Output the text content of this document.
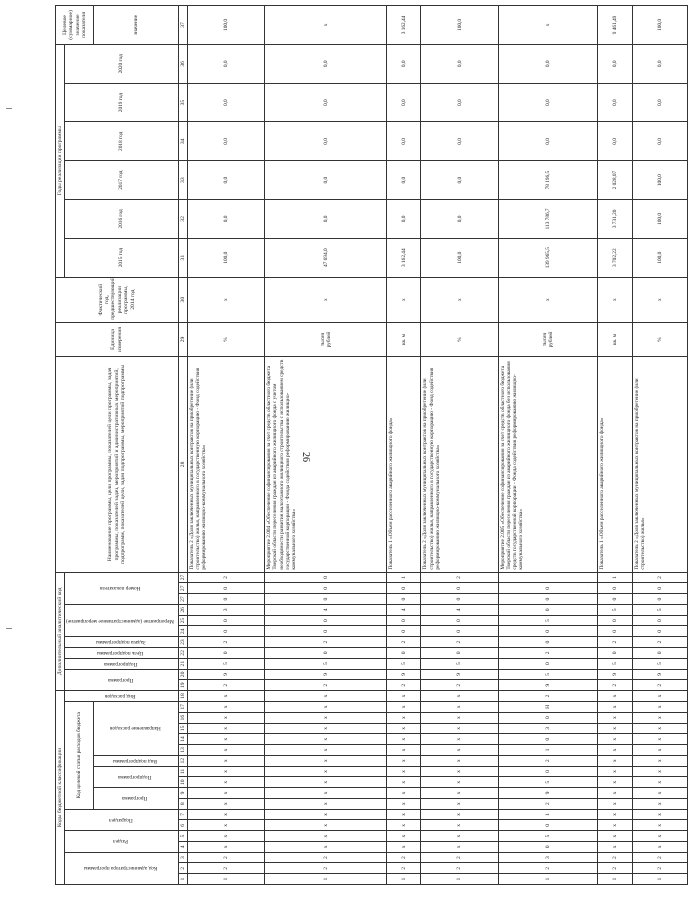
26
Коды бюджетной классификации																		Дополнительный аналитический код											Наименование программы, цели программы, показателей цели программы, задач программы, показателей задач, мероприятий и административных мероприятий, подпрограмм, показателей цели, задач подпрограммы, мероприятий подпрограммы	Единица измерения	Фактический год, предшествующий реализации программы, 2014 год	Годы реализации программы						Целевое (суммарное) значение показателя
Код администратора программы			Раздел		Подраздел		Код целевой статьи расходов бюджета										Вид расходов	Программа		Подпрограмма	Цель подпрограммы	Задача подпрограммы	Мероприятие (административное мероприятие)			Номер показателя						2015 год	2016 год	2017 год	2018 год	2019 год	2020 год	
							Программа		Подпрограмма		Вид подпрограммы	Направление расходов																										значение
1	2	3	4	5	6	7	8	9	10	11	12	13	14	15	16	17	18	19	20	21	22	23	24	25	26	27	27	27	28	29	30	31	32	33	34	35	36	37
1	2	2	х	х	х	х	х	х	х	х	х	х	х	х	х	х	х	2	9	5	0	2	0	0	3	0	0	2	Показатель 2 «Доля заключенных муниципальных контрактов на приобретение (или строительство) жилья, направленного в государственную корпорацию - Фонд содействия реформированию жилищно-коммунального хозяйства»	%	х	100,0	0,0	0,0	0,0	0,0	0,0	100,0
1	2	2	х	х	х	х	х	х	х	х	х	х	х	х	х	х	х	2	9	5	0	2	0	0	4	0	0	0	Мероприятие 2.004 «Обеспечение софинансирования за счет средств областного бюджета Тверской области переселения граждан из аварийного жилищного фонда с учетом необходимости развития малоэтажного жилищного строительства с использованием средств государственной корпорации - Фонда содействия реформированию жилищно-коммунального хозяйства»	тысяч рублей	х	47 694,0	0,0	0,0	0,0	0,0	0,0	х
1	2	2	х	х	х	х	х	х	х	х	х	х	х	х	х	х	х	2	9	5	0	2	0	0	4	0	0	1	Показатель 1 «Объем расселенного аварийного жилищного фонда»	кв. м	х	3 162,44	0,0	0,0	0,0	0,0	0,0	3 162,44
1	2	2	х	х	х	х	х	х	х	х	х	х	х	х	х	х	х	2	9	5	0	2	0	0	4	0	0	2	Показатель 2 «Доля заключенных муниципальных контрактов на приобретение (или строительство) жилья, направленного в государственную корпорацию - Фонд содействия реформированию жилищно-коммунального хозяйства»	%	х	100,0	0,0	0,0	0,0	0,0	0,0	100,0
1	2	3	0	5	0	1	2	9	5	0	2	1	0	3	0	Н	2	9	5	0	2	0	0	5	0	0	0		Мероприятие 2.005 «Обеспечение софинансирования за счет средств областного бюджета Тверской области переселения граждан из аварийного жилищного фонда без использования средств государственной корпорации - Фонда содействия реформированию жилищно-коммунального хозяйства»	тысяч рублей	х	139 965,5	113 786,7	78 196,5	0,0	0,0	0,0	х
1	2	2	х	х	х	х	х	х	х	х	х	х	х	х	х	х	х	2	9	5	0	2	0	0	5	0	0	1	Показатель 1 «Объем расселенного аварийного жилищного фонда»	кв. м	х	3 702,22	3 731,20	2 028,07	0,0	0,0	0,0	9 461,49
1	2	2	х	х	х	х	х	х	х	х	х	х	х	х	х	х	х	2	9	5	0	2	0	0	5	0	0	2	Показатель 2 «Доля заключенных муниципальных контрактов на приобретение (или строительство) жилья»	%	х	100,0	100,0	100,0	0,0	0,0	0,0	100,0
